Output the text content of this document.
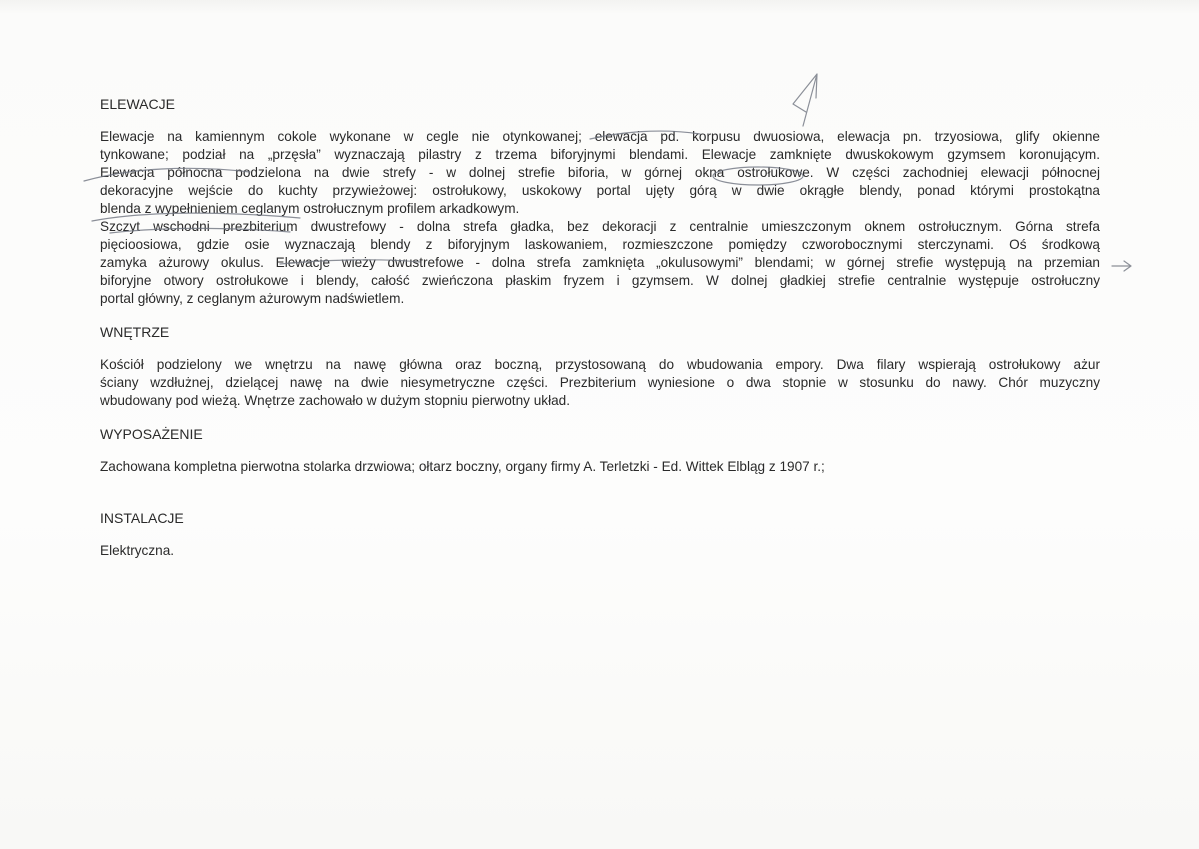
ELEWACJE

Elewacje na kamiennym cokole wykonane w cegle nie otynkowanej; elewacja pd. korpusu dwuosiowa, elewacja pn. trzyosiowa, glify okienne
tynkowane; podział na „przęsła” wyznaczają pilastry z trzema biforyjnymi blendami. Elewacje zamknięte dwuskokowym gzymsem koronującym.
Elewacja północna podzielona na dwie strefy - w dolnej strefie biforia, w górnej okna ostrołukowe. W części zachodniej elewacji północnej
dekoracyjne wejście do kuchty przywieżowej: ostrołukowy, uskokowy portal ujęty górą w dwie okrągłe blendy, ponad którymi prostokątna
blenda z wypełnieniem ceglanym ostrołucznym profilem arkadkowym.
Szczyt wschodni prezbiterium dwustrefowy - dolna strefa gładka, bez dekoracji z centralnie umieszczonym oknem ostrołucznym. Górna strefa
pięcioosiowa, gdzie osie wyznaczają blendy z biforyjnym laskowaniem, rozmieszczone pomiędzy czworobocznymi sterczynami. Oś środkową
zamyka ażurowy okulus. Elewacje wieży dwustrefowe - dolna strefa zamknięta „okulusowymi” blendami; w górnej strefie występują na przemian
biforyjne otwory ostrołukowe i blendy, całość zwieńczona płaskim fryzem i gzymsem. W dolnej gładkiej strefie centralnie występuje ostrołuczny
portal główny, z ceglanym ażurowym nadświetlem.

WNĘTRZE

Kościół podzielony we wnętrzu na nawę główna oraz boczną, przystosowaną do wbudowania empory. Dwa filary wspierają ostrołukowy ażur
ściany wzdłużnej, dzielącej nawę na dwie niesymetryczne części. Prezbiterium wyniesione o dwa stopnie w stosunku do nawy. Chór muzyczny
wbudowany pod wieżą. Wnętrze zachowało w dużym stopniu pierwotny układ.

WYPOSAŻENIE

Zachowana kompletna pierwotna stolarka drzwiowa; ołtarz boczny, organy firmy A. Terletzki - Ed. Wittek Elbląg z 1907 r.;

INSTALACJE

Elektryczna.
